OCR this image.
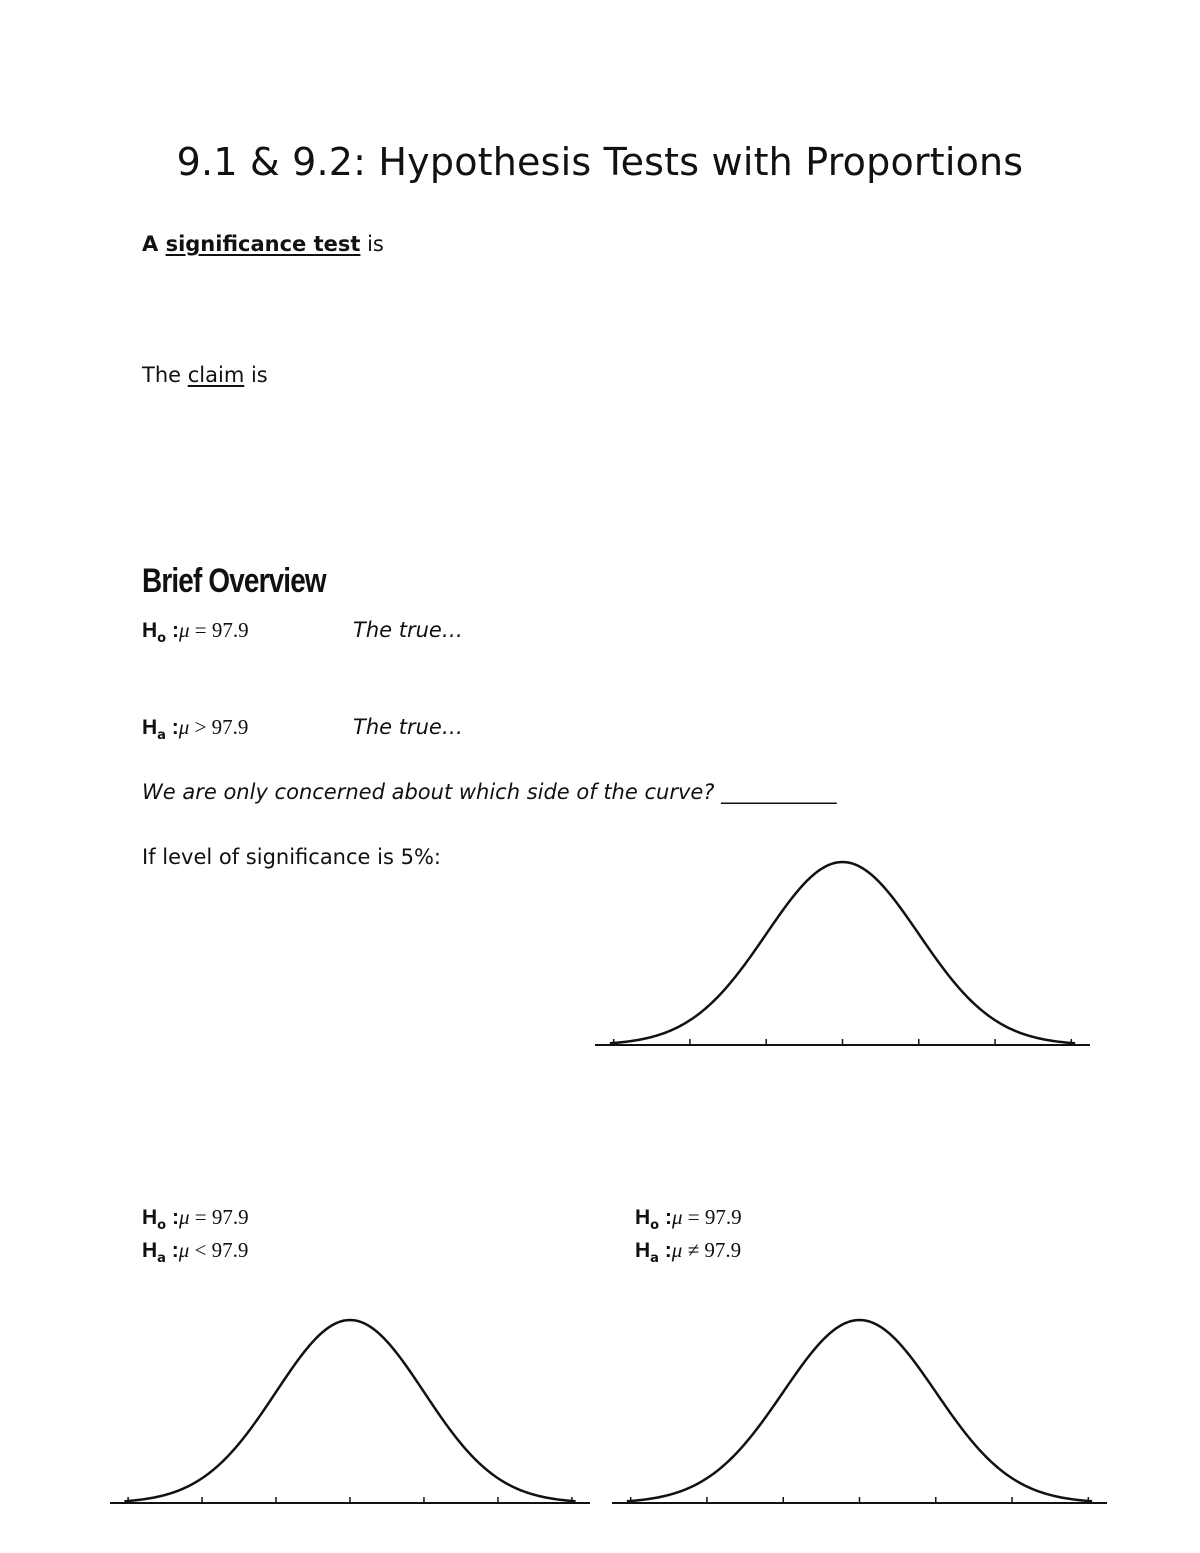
9.1 & 9.2: Hypothesis Tests with Proportions
A significance test is
The claim is
Brief Overview
$H_o$ :μ = 97.9	The true…
$H_a$ :μ > 97.9	The true…
We are only concerned about which side of the curve? ___________
If level of significance is 5%:
$H_o$ :μ = 97.9
$H_a$ :μ < 97.9
$H_o$ :μ = 97.9
$H_a$ :μ ≠ 97.9
